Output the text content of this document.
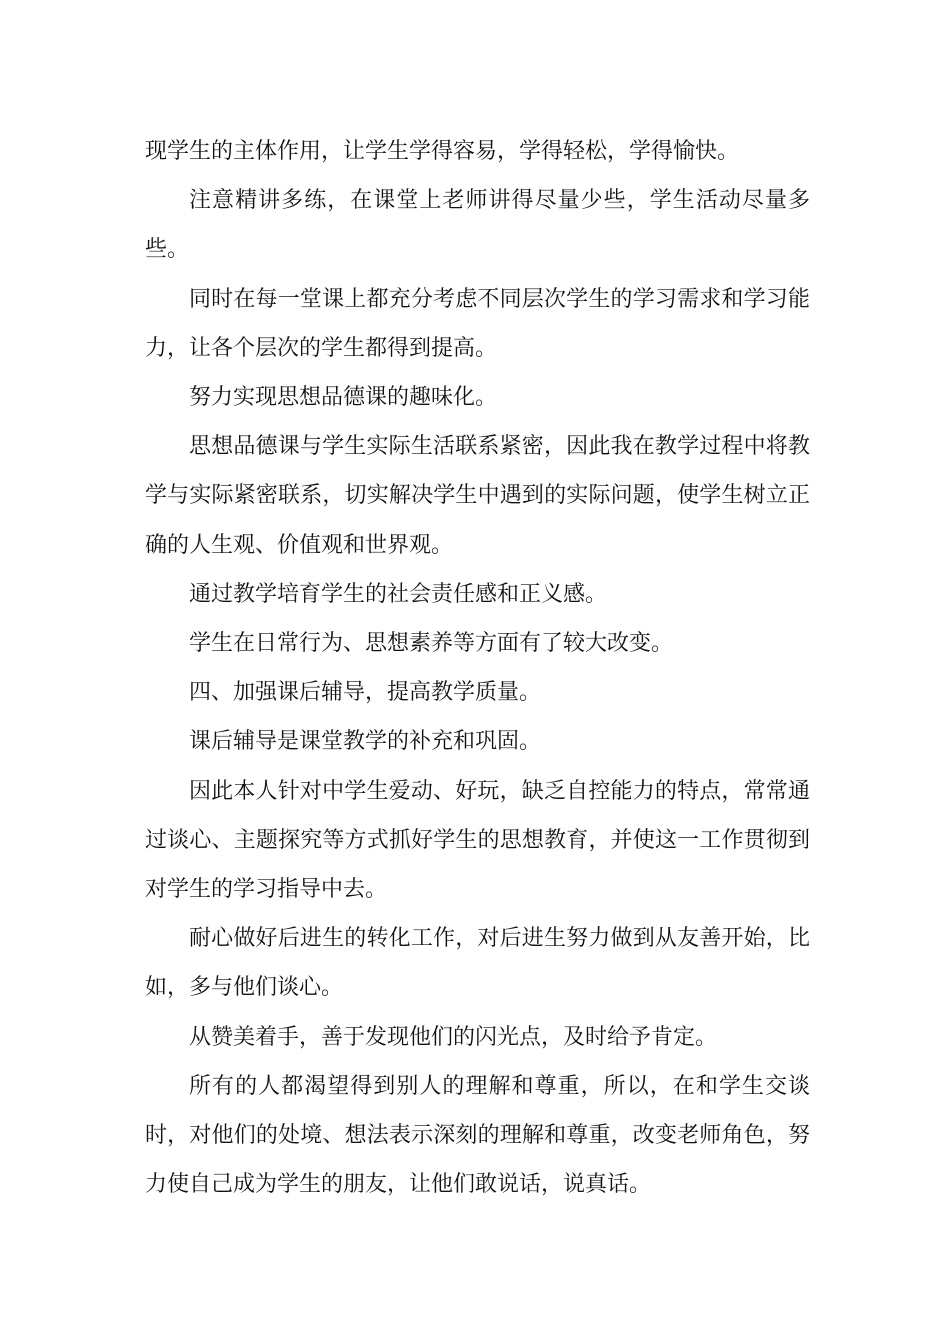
现学生的主体作用，让学生学得容易，学得轻松，学得愉快。

注意精讲多练，在课堂上老师讲得尽量少些，学生活动尽量多些。

同时在每一堂课上都充分考虑不同层次学生的学习需求和学习能力，让各个层次的学生都得到提高。

努力实现思想品德课的趣味化。

思想品德课与学生实际生活联系紧密，因此我在教学过程中将教学与实际紧密联系，切实解决学生中遇到的实际问题，使学生树立正确的人生观、价值观和世界观。

通过教学培育学生的社会责任感和正义感。

学生在日常行为、思想素养等方面有了较大改变。

四、加强课后辅导，提高教学质量。

课后辅导是课堂教学的补充和巩固。

因此本人针对中学生爱动、好玩，缺乏自控能力的特点，常常通过谈心、主题探究等方式抓好学生的思想教育，并使这一工作贯彻到对学生的学习指导中去。

耐心做好后进生的转化工作，对后进生努力做到从友善开始，比如，多与他们谈心。

从赞美着手，善于发现他们的闪光点，及时给予肯定。

所有的人都渴望得到别人的理解和尊重，所以，在和学生交谈时，对他们的处境、想法表示深刻的理解和尊重，改变老师角色，努力使自己成为学生的朋友，让他们敢说话，说真话。
